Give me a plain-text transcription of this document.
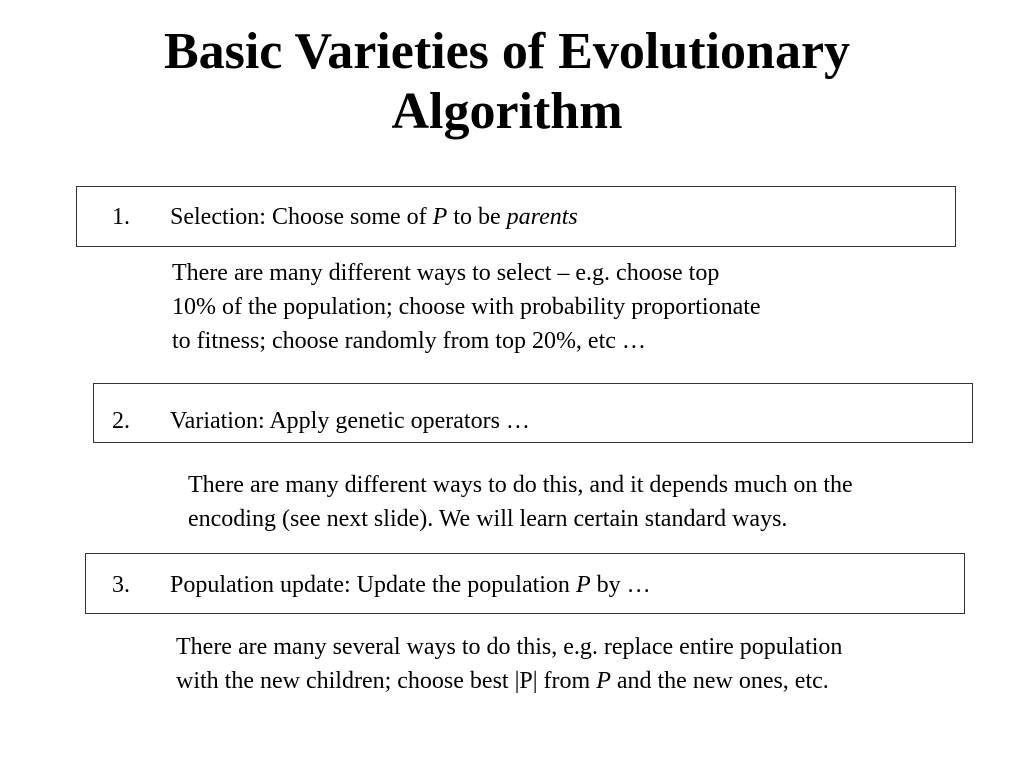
Basic Varieties of Evolutionary
Algorithm
1. Selection: Choose some of P to be parents
There are many different ways to select – e.g. choose top
10% of the population; choose with probability proportionate
to fitness; choose randomly from top 20%, etc …
2. Variation: Apply genetic operators …
There are many different ways to do this, and it depends much on the
encoding (see next slide). We will learn certain standard ways.
3. Population update: Update the population P by …
There are many several ways to do this, e.g. replace entire population
with the new children; choose best |P| from P and the new ones, etc.
